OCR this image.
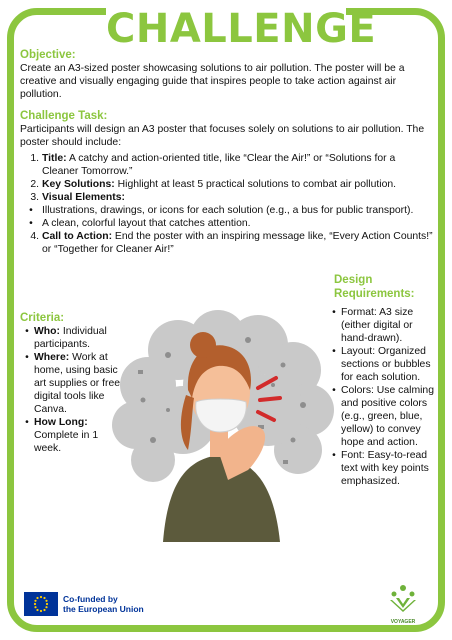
CHALLENGE
Objective:
Create an A3-sized poster showcasing solutions to air pollution. The poster will be a creative and visually engaging guide that inspires people to take action against air pollution.
Challenge Task:
Participants will design an A3 poster that focuses solely on solutions to air pollution. The poster should include:
1. Title: A catchy and action-oriented title, like “Clear the Air!” or “Solutions for a Cleaner Tomorrow.”
2. Key Solutions: Highlight at least 5 practical solutions to combat air pollution.
3. Visual Elements:
• Illustrations, drawings, or icons for each solution (e.g., a bus for public transport).
• A clean, colorful layout that catches attention.
4. Call to Action: End the poster with an inspiring message like, “Every Action Counts!” or “Together for Cleaner Air!”
Criteria:
• Who: Individual participants.
• Where: Work at home, using basic art supplies or free digital tools like Canva.
• How Long: Complete in 1 week.
Design Requirements:
• Format: A3 size (either digital or hand-drawn).
• Layout: Organized sections or bubbles for each solution.
• Colors: Use calming and positive colors (e.g., green, blue, yellow) to convey hope and action.
• Font: Easy-to-read text with key points emphasized.
Co-funded by
the European Union
VOYAGER
